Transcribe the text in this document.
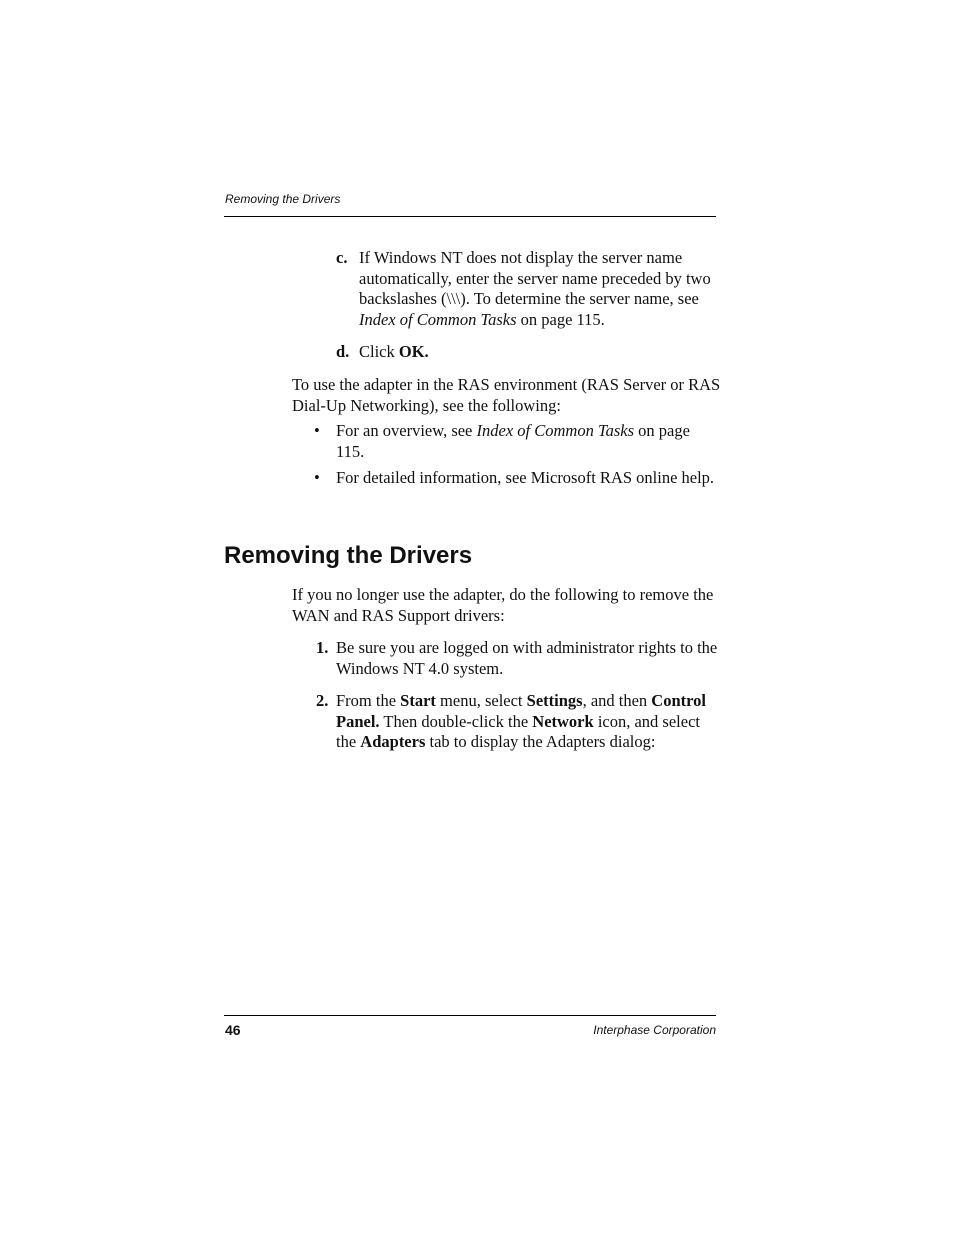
Removing the Drivers
c. If Windows NT does not display the server name automatically, enter the server name preceded by two backslashes (\\\). To determine the server name, see Index of Common Tasks on page 115.
d. Click OK.
To use the adapter in the RAS environment (RAS Server or RAS Dial-Up Networking), see the following:
• For an overview, see Index of Common Tasks on page 115.
• For detailed information, see Microsoft RAS online help.
Removing the Drivers
If you no longer use the adapter, do the following to remove the WAN and RAS Support drivers:
1. Be sure you are logged on with administrator rights to the Windows NT 4.0 system.
2. From the Start menu, select Settings, and then Control Panel. Then double-click the Network icon, and select the Adapters tab to display the Adapters dialog:
46	Interphase Corporation
